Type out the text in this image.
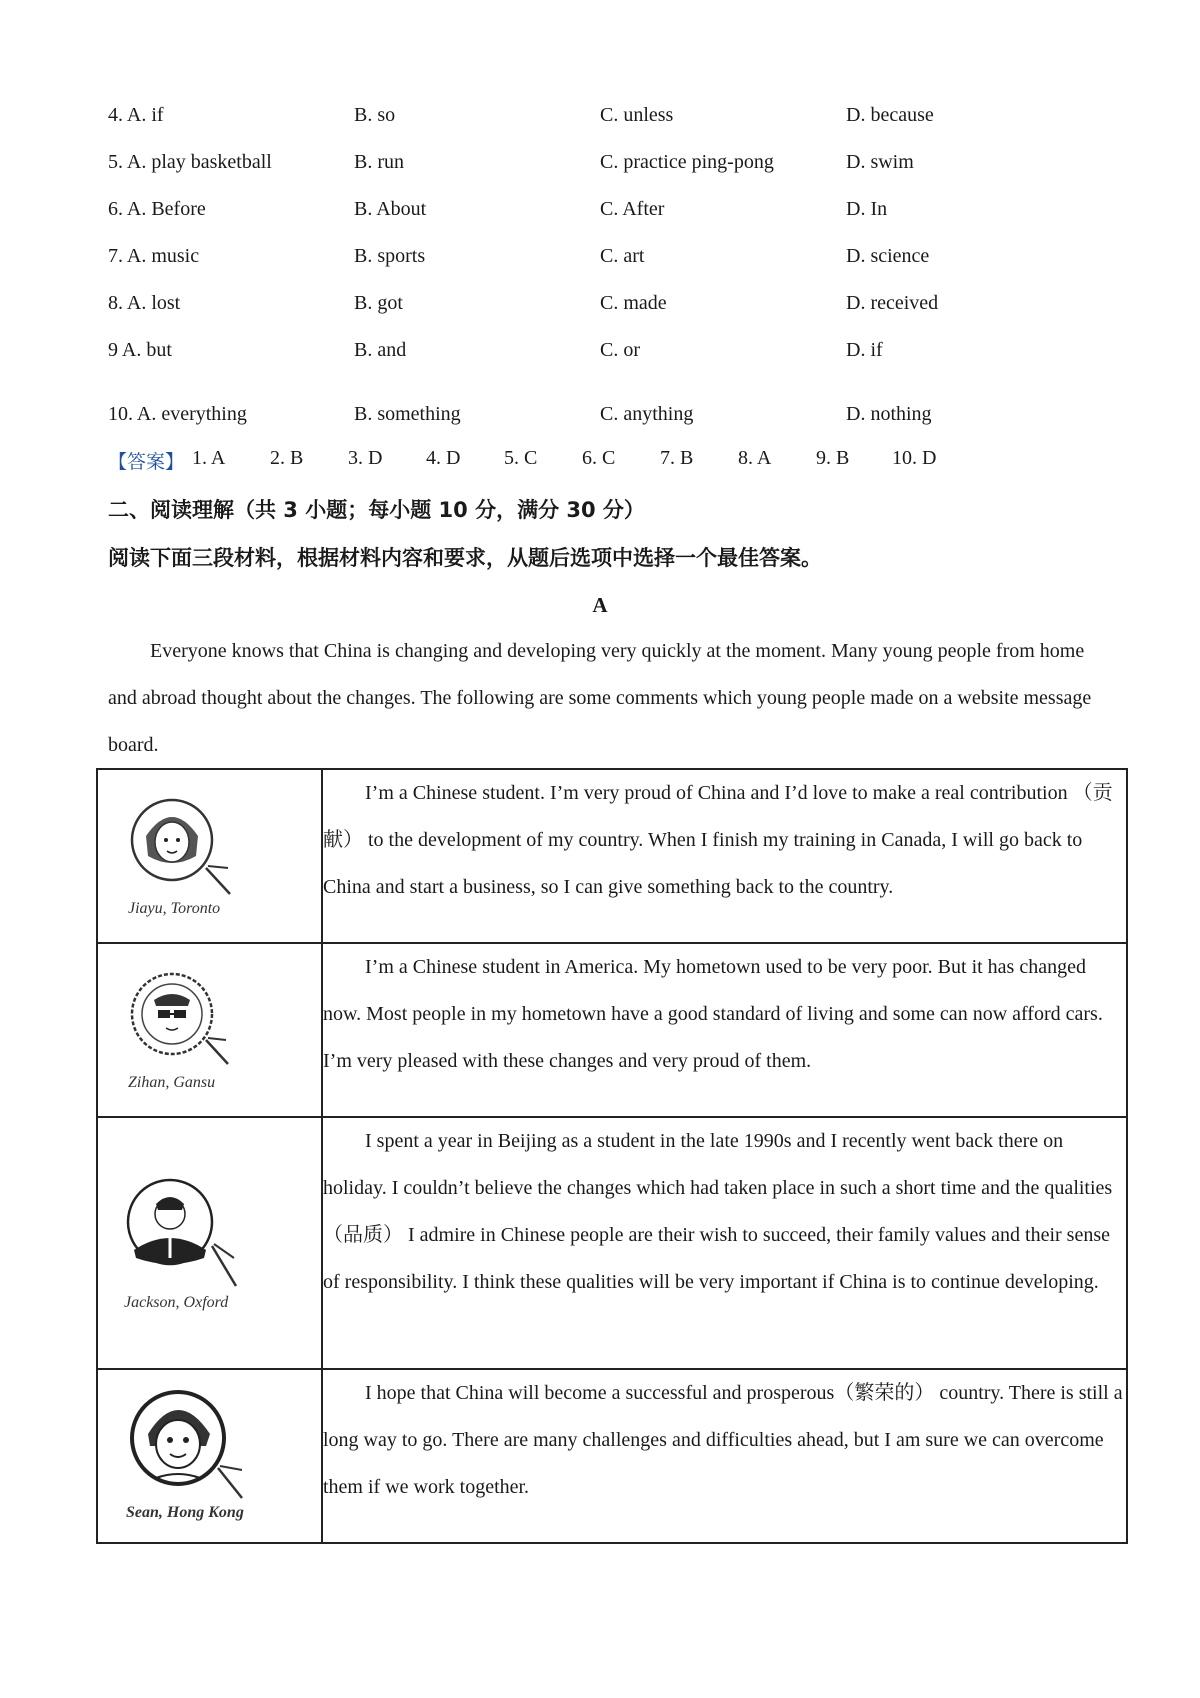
4. A. if	B. so	C. unless	D. because
5. A. play basketball	B. run	C. practice ping-pong	D. swim
6. A. Before	B. About	C. After	D. In
7. A. music	B. sports	C. art	D. science
8. A. lost	B. got	C. made	D. received
9 A. but	B. and	C. or	D. if
10. A. everything	B. something	C. anything	D. nothing
【答案】 1. A 2. B 3. D 4. D 5. C 6. C 7. B 8. A 9. B 10. D
二、阅读理解（共 3 小题；每小题 10 分，满分 30 分）
阅读下面三段材料，根据材料内容和要求，从题后选项中选择一个最佳答案。
A
Everyone knows that China is changing and developing very quickly at the moment. Many young people from home and abroad thought about the changes. The following are some comments which young people made on a website message board.
Jiayu, Toronto	I’m a Chinese student. I’m very proud of China and I’d love to make a real contribution （贡献） to the development of my country. When I finish my training in Canada, I will go back to China and start a business, so I can give something back to the country.

Zihan, Gansu	I’m a Chinese student in America. My hometown used to be very poor. But it has changed now. Most people in my hometown have a good standard of living and some can now afford cars. I’m very pleased with these changes and very proud of them.

Jackson, Oxford	I spent a year in Beijing as a student in the late 1990s and I recently went back there on holiday. I couldn’t believe the changes which had taken place in such a short time and the qualities （品质） I admire in Chinese people are their wish to succeed, their family values and their sense of responsibility. I think these qualities will be very important if China is to continue developing.

Sean, Hong Kong	I hope that China will become a successful and prosperous（繁荣的） country. There is still a long way to go. There are many challenges and difficulties ahead, but I am sure we can overcome them if we work together.
